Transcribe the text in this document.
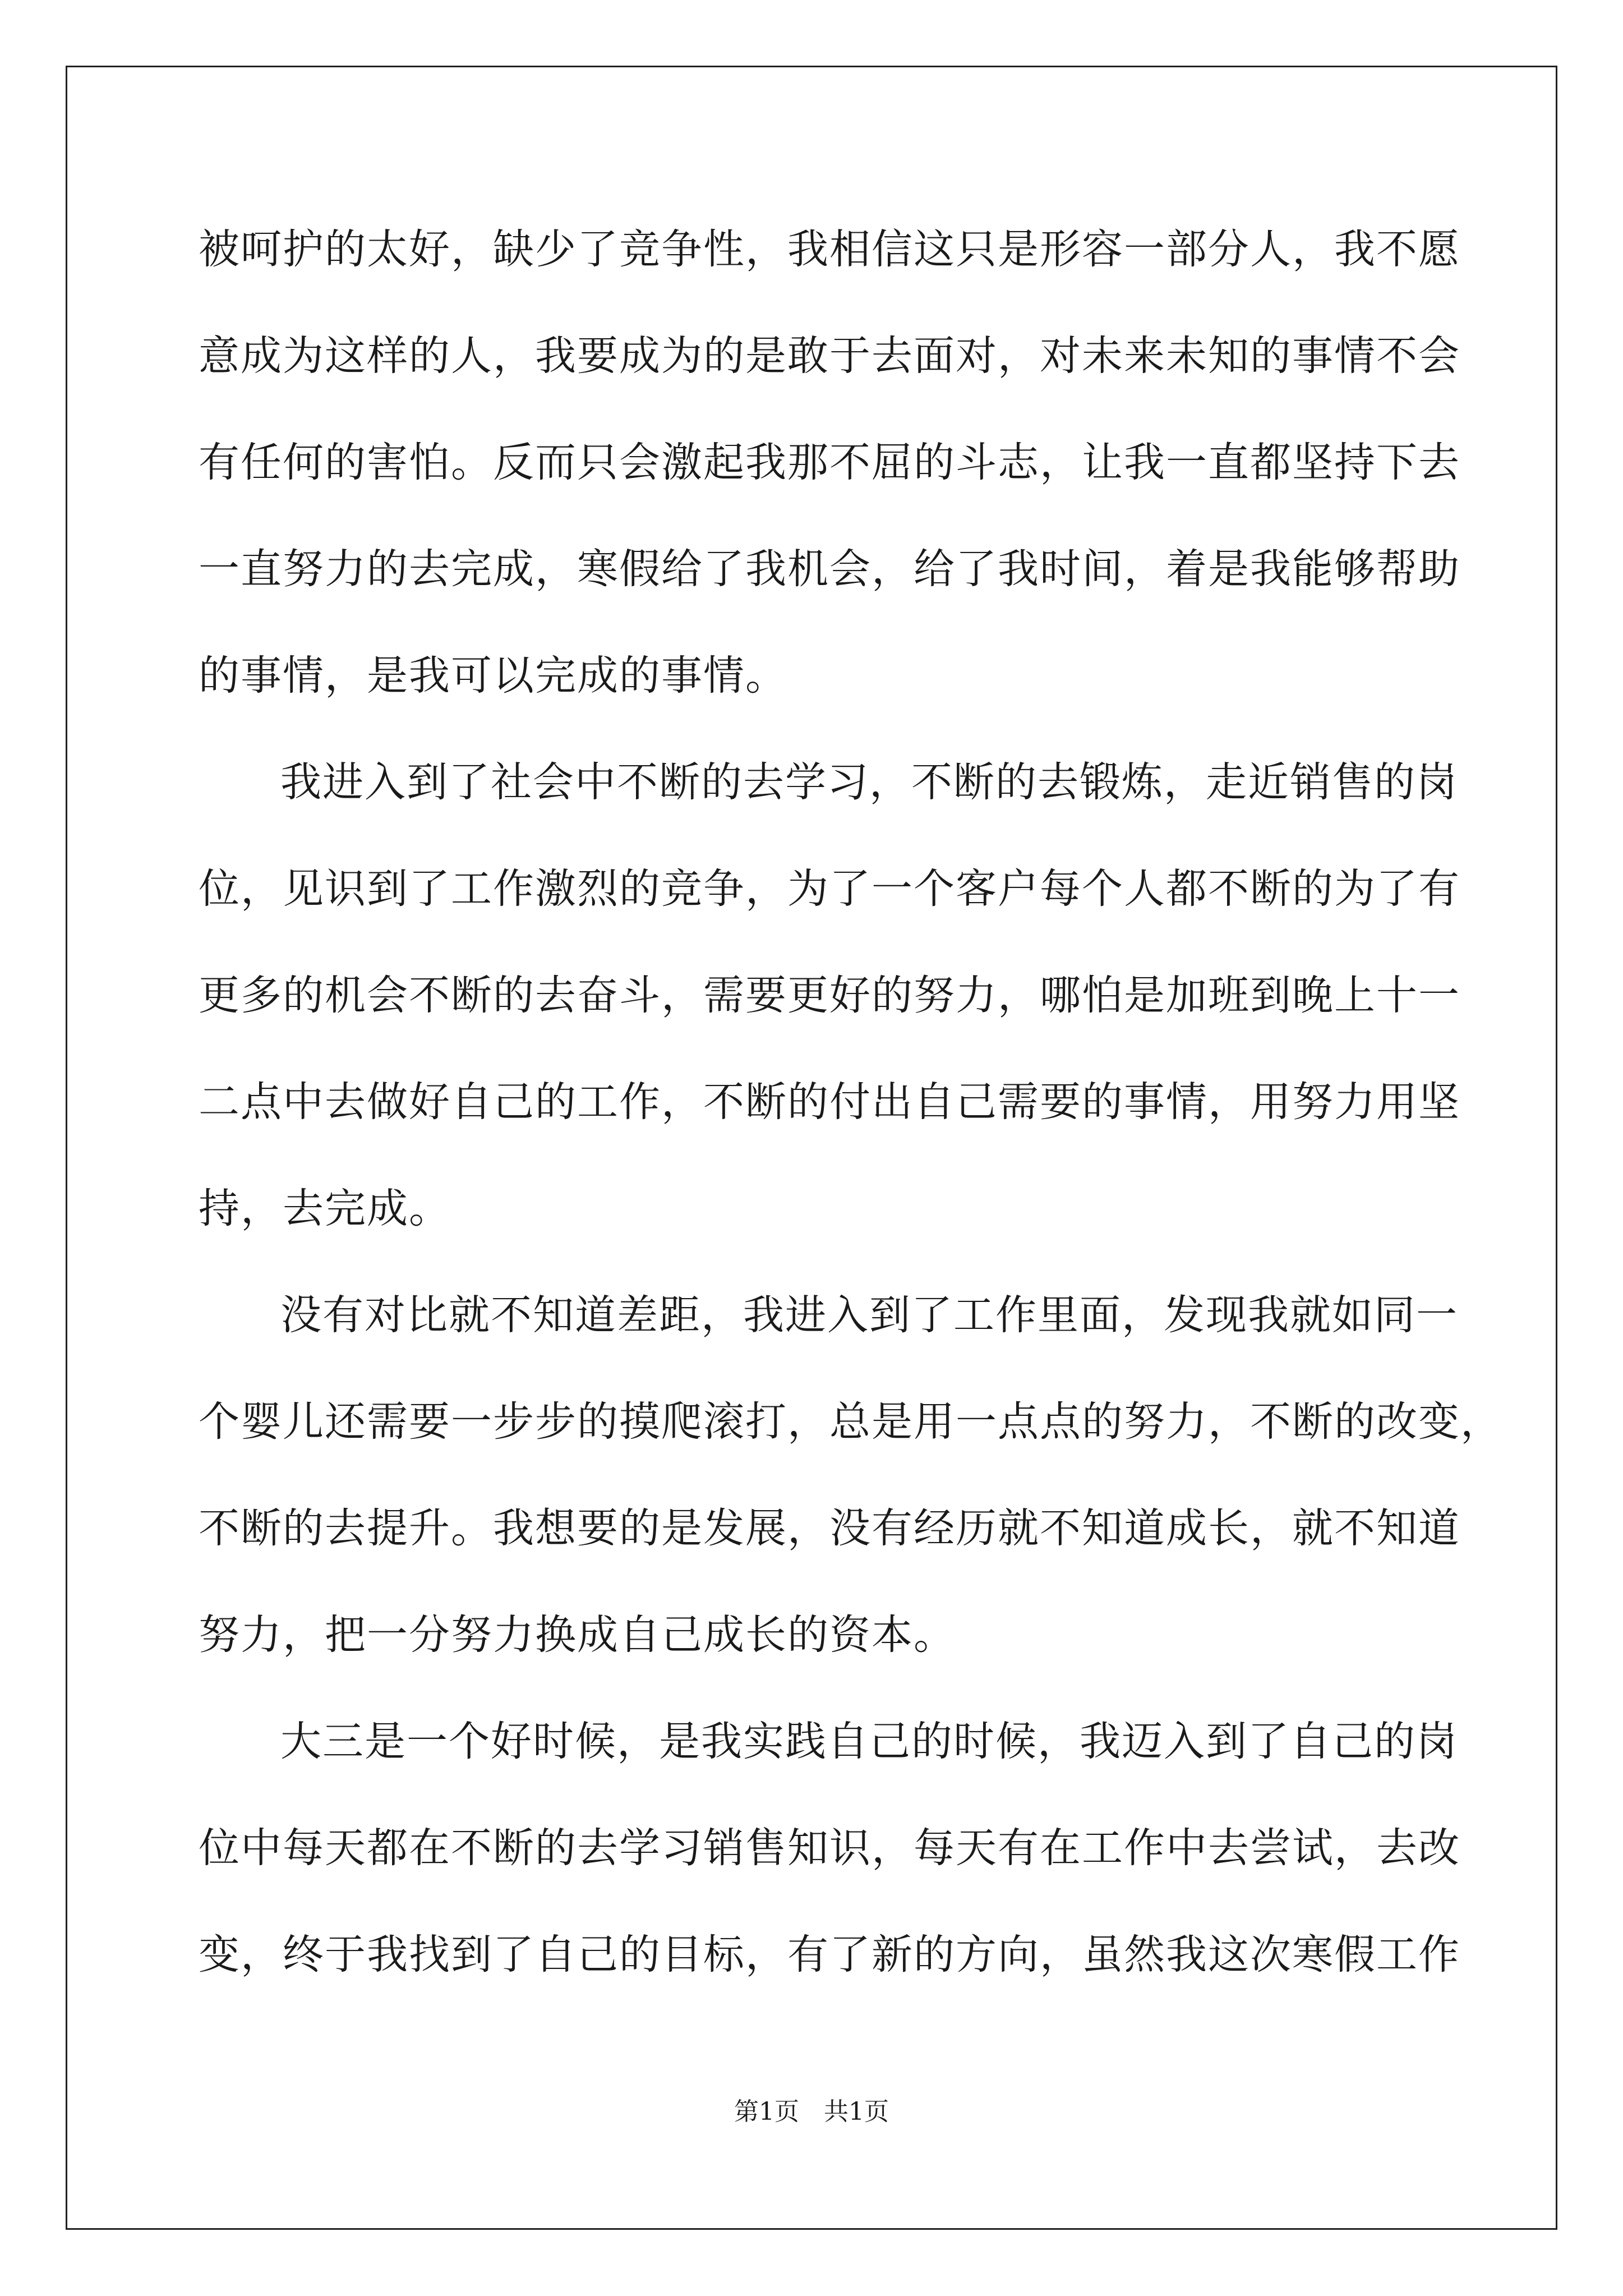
被呵护的太好，缺少了竞争性，我相信这只是形容一部分人，我不愿
意成为这样的人，我要成为的是敢于去面对，对未来未知的事情不会
有任何的害怕。反而只会激起我那不屈的斗志，让我一直都坚持下去
一直努力的去完成，寒假给了我机会，给了我时间，着是我能够帮助
的事情，是我可以完成的事情。
我进入到了社会中不断的去学习，不断的去锻炼，走近销售的岗
位，见识到了工作激烈的竞争，为了一个客户每个人都不断的为了有
更多的机会不断的去奋斗，需要更好的努力，哪怕是加班到晚上十一
二点中去做好自己的工作，不断的付出自己需要的事情，用努力用坚
持，去完成。
没有对比就不知道差距，我进入到了工作里面，发现我就如同一
个婴儿还需要一步步的摸爬滚打，总是用一点点的努力，不断的改变，
不断的去提升。我想要的是发展，没有经历就不知道成长，就不知道
努力，把一分努力换成自己成长的资本。
大三是一个好时候，是我实践自己的时候，我迈入到了自己的岗
位中每天都在不断的去学习销售知识，每天有在工作中去尝试，去改
变，终于我找到了自己的目标，有了新的方向，虽然我这次寒假工作
第1页 共1页
